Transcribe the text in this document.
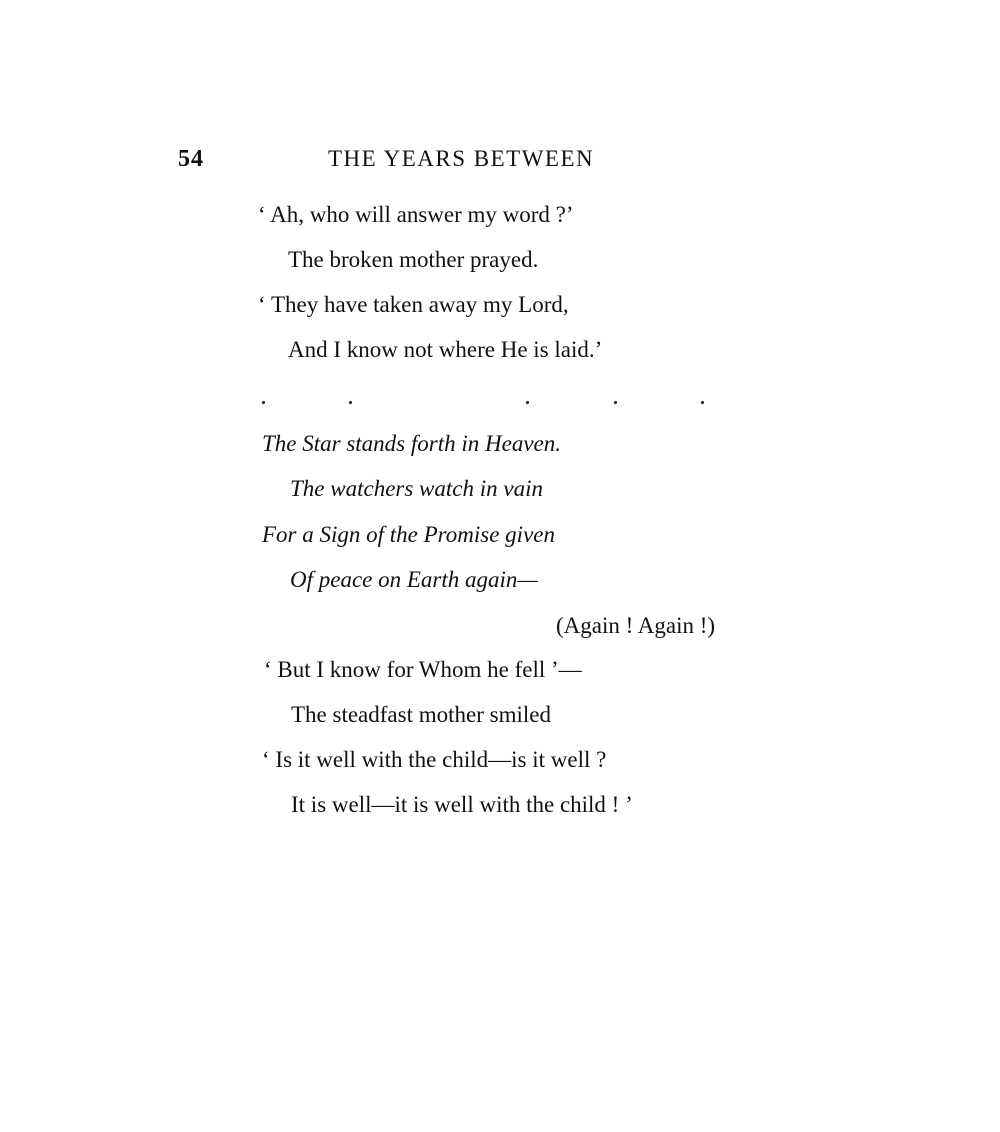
54	THE YEARS BETWEEN
‘ Ah, who will answer my word ?’
The broken mother prayed.
‘ They have taken away my Lord,
And I know not where He is laid.’
The Star stands forth in Heaven.
The watchers watch in vain
For a Sign of the Promise given
Of peace on Earth again—
(Again ! Again !)
‘ But I know for Whom he fell ’—
The steadfast mother smiled
‘ Is it well with the child—is it well ?
It is well—it is well with the child ! ’
